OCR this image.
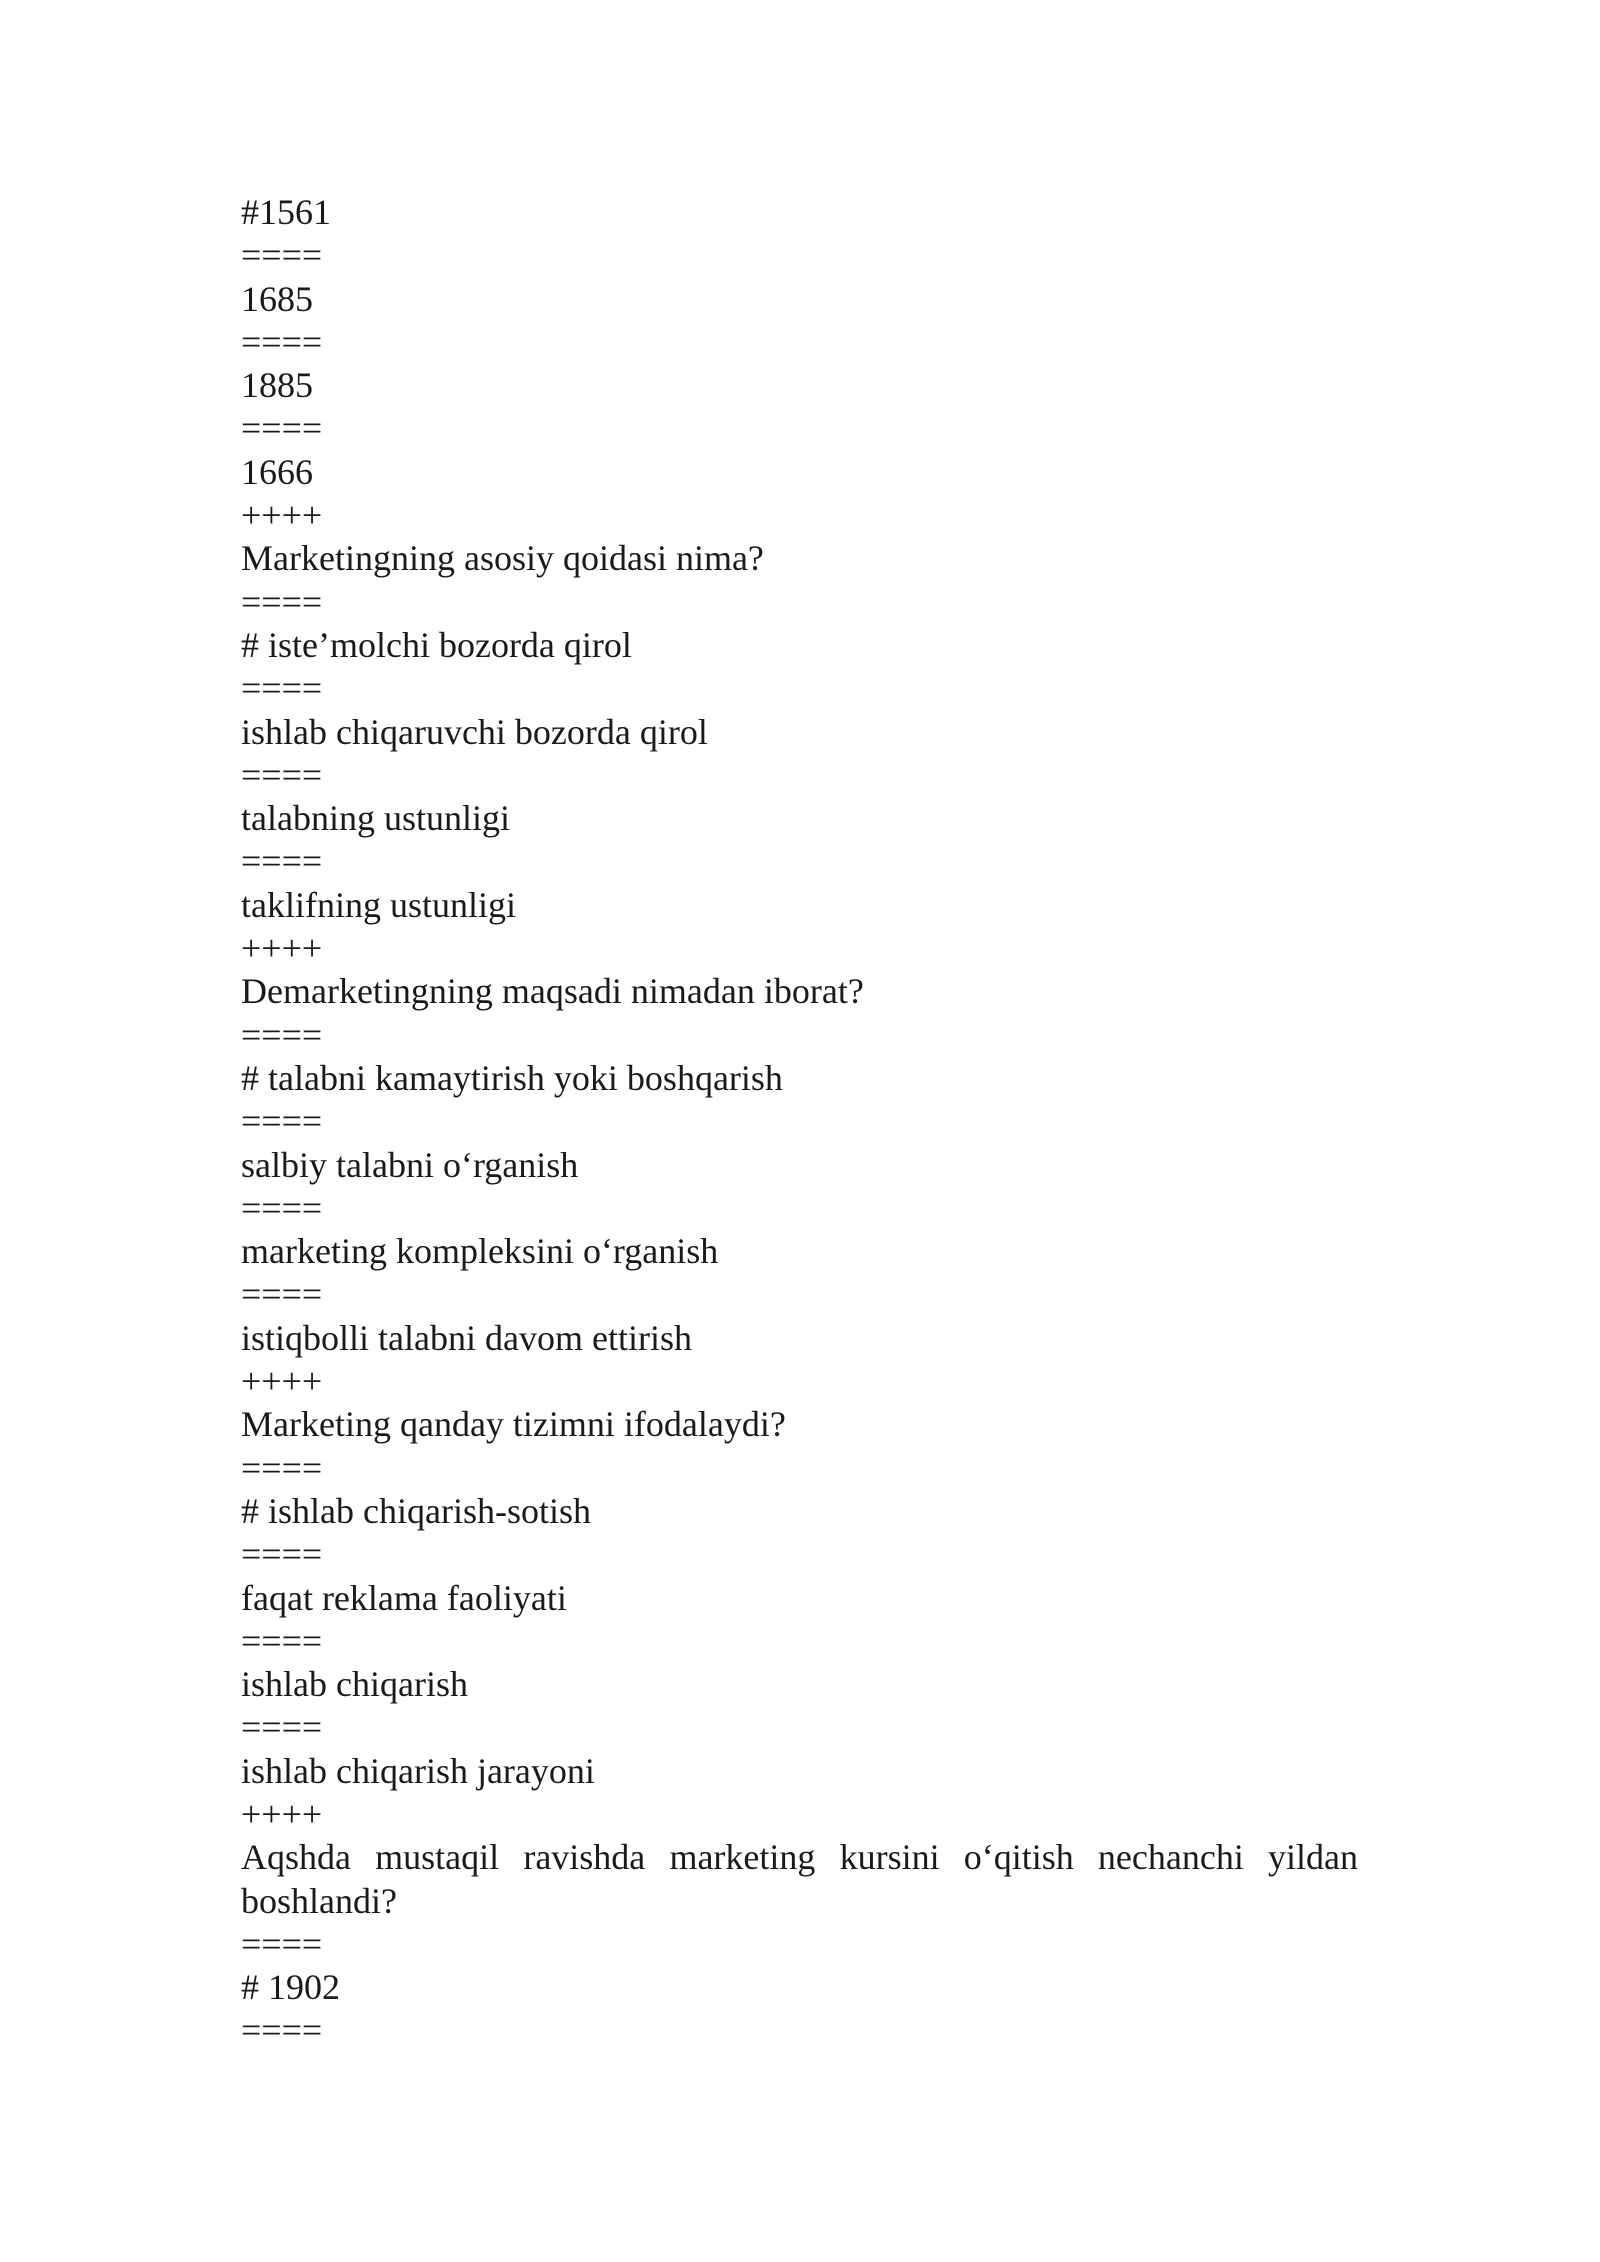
#1561
====
1685
====
1885
====
1666
++++
Marketingning asosiy qoidasi nima?
====
# iste’molchi bozorda qirol
====
ishlab chiqaruvchi bozorda qirol
====
talabning ustunligi
====
taklifning ustunligi
++++
Demarketingning maqsadi nimadan iborat?
====
# talabni kamaytirish yoki boshqarish
====
salbiy talabni o‘rganish
====
marketing kompleksini o‘rganish
====
istiqbolli talabni davom ettirish
++++
Marketing qanday tizimni ifodalaydi?
====
# ishlab chiqarish-sotish
====
faqat reklama faoliyati
====
ishlab chiqarish
====
ishlab chiqarish jarayoni
++++
Aqshda mustaqil ravishda marketing kursini o‘qitish nechanchi yildan boshlandi?
====
# 1902
====
